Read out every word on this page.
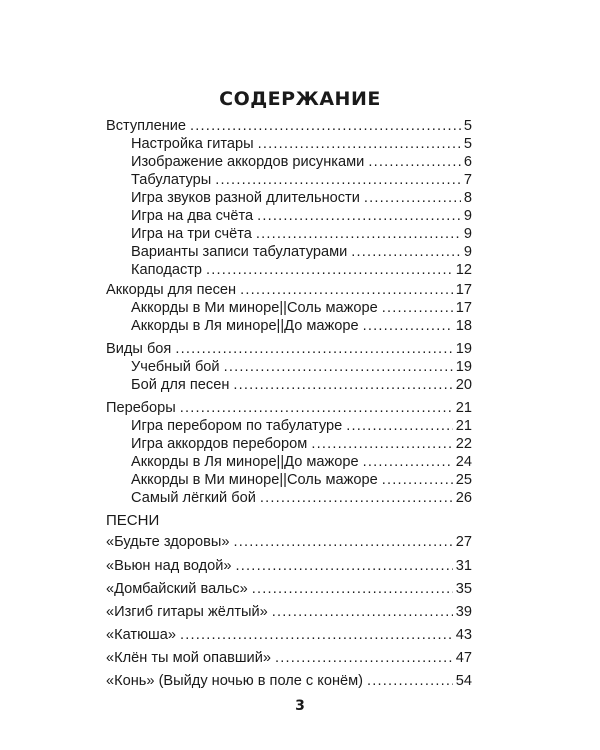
СОДЕРЖАНИЕ
Вступление .....	5
Настройка гитары .....	5
Изображение аккордов рисунками .....	6
Табулатуры .....	7
Игра звуков разной длительности .....	8
Игра на два счёта .....	9
Игра на три счёта .....	9
Варианты записи табулатурами .....	9
Каподастр .....	12
Аккорды для песен .....	17
Аккорды в Ми миноре||Соль мажоре .....	17
Аккорды в Ля миноре||До мажоре .....	18
Виды боя .....	19
Учебный бой .....	19
Бой для песен .....	20
Переборы .....	21
Игра перебором по табулатуре .....	21
Игра аккордов перебором .....	22
Аккорды в Ля миноре||До мажоре .....	24
Аккорды в Ми миноре||Соль мажоре .....	25
Самый лёгкий бой .....	26
ПЕСНИ
«Будьте здоровы» .....	27
«Вьюн над водой» .....	31
«Домбайский вальс» .....	35
«Изгиб гитары жёлтый» .....	39
«Катюша» .....	43
«Клён ты мой опавший» .....	47
«Конь» (Выйду ночью в поле с конём) .....	54
3
